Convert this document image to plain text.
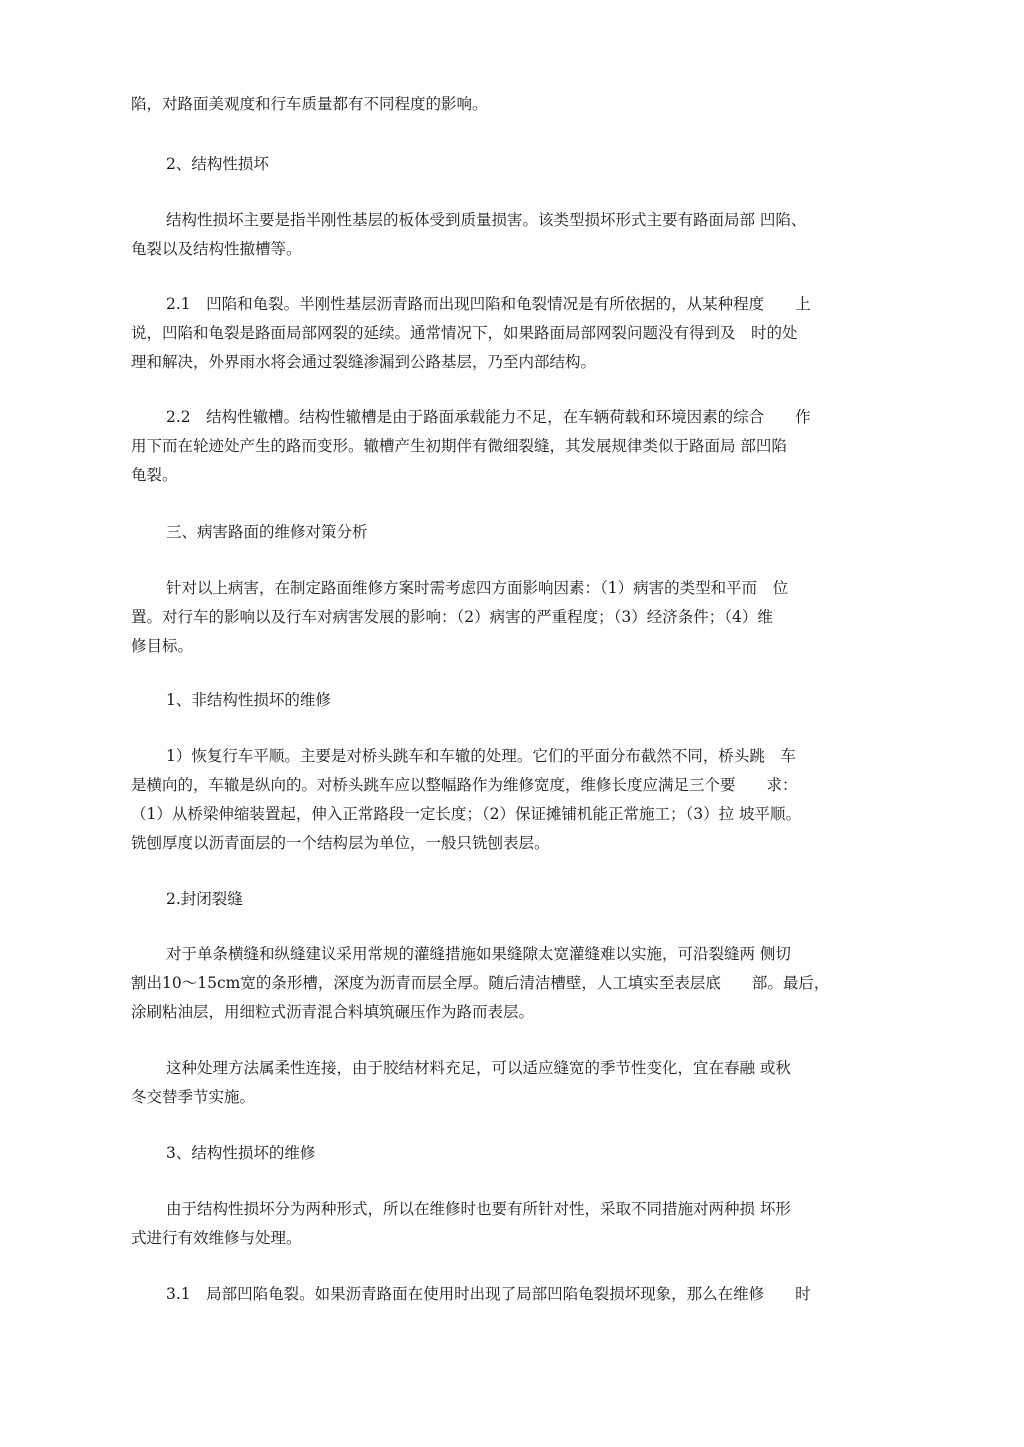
陷，对路面美观度和行车质量都有不同程度的影响。
2、结构性损坏
结构性损坏主要是指半刚性基层的板体受到质量损害。该类型损坏形式主要有路面局部 凹陷、
龟裂以及结构性撤槽等。
2.1　凹陷和龟裂。半刚性基层沥青路而出现凹陷和龟裂情况是有所依据的，从某种程度　　上
说，凹陷和龟裂是路面局部网裂的延续。通常情况下，如果路面局部网裂问题没有得到及　时的处
理和解决，外界雨水将会通过裂缝渗漏到公路基层，乃至内部结构。
2.2　结构性辙槽。结构性辙槽是由于路面承载能力不足，在车辆荷载和环境因素的综合　　作
用下而在轮迹处产生的路而变形。辙槽产生初期伴有微细裂缝，其发展规律类似于路面局 部凹陷
龟裂。
三、病害路面的维修对策分析
针对以上病害，在制定路面维修方案时需考虑四方面影响因素：（1）病害的类型和平而　位
置。对行车的影响以及行车对病害发展的影响：（2）病害的严重程度；（3）经济条件；（4）维
修目标。
1、非结构性损坏的维修
1）恢复行车平顺。主要是对桥头跳车和车辙的处理。它们的平面分布截然不同，桥头跳　车
是横向的，车辙是纵向的。对桥头跳车应以整幅路作为维修宽度，维修长度应满足三个要　　求：
（1）从桥梁伸缩装置起，伸入正常路段一定长度；（2）保证摊铺机能正常施工；（3）拉 坡平顺。
铣刨厚度以沥青面层的一个结构层为单位，一般只铣刨表层。
2.封闭裂缝
对于单条横缝和纵缝建议采用常规的灌缝措施如果缝隙太宽灌缝难以实施，可沿裂缝两 侧切
割出10～15cm宽的条形槽，深度为沥青而层全厚。随后清洁槽壁，人工填实至表层底　　部。最后，
涂刷粘油层，用细粒式沥青混合料填筑碾压作为路而表层。
这种处理方法属柔性连接，由于胶结材料充足，可以适应缝宽的季节性变化，宜在春融 或秋
冬交替季节实施。
3、结构性损坏的维修
由于结构性损坏分为两种形式，所以在维修时也要有所针对性，采取不同措施对两种损 坏形
式进行有效维修与处理。
3.1　局部凹陷龟裂。如果沥青路面在使用时出现了局部凹陷龟裂损坏现象，那么在维修　　时
